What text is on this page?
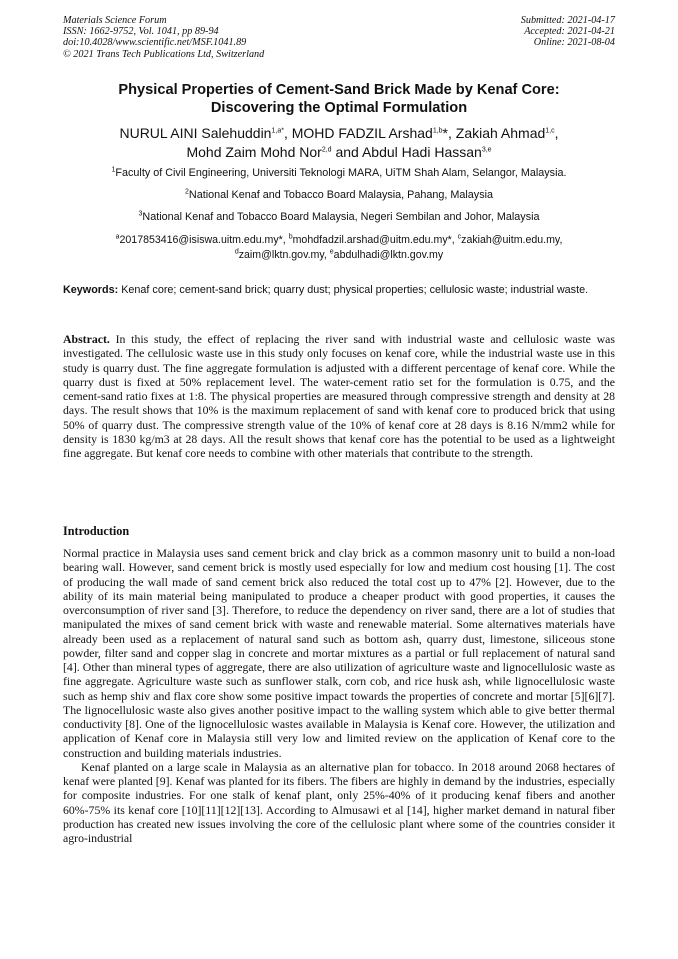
Materials Science Forum
ISSN: 1662-9752, Vol. 1041, pp 89-94
doi:10.4028/www.scientific.net/MSF.1041.89
© 2021 Trans Tech Publications Ltd, Switzerland
Submitted: 2021-04-17
Accepted: 2021-04-21
Online: 2021-08-04
Physical Properties of Cement-Sand Brick Made by Kenaf Core:
Discovering the Optimal Formulation
NURUL AINI Salehuddin$^{1,a*}$, MOHD FADZIL Arshad$^{1,b}$*, Zakiah Ahmad$^{1,c}$,
Mohd Zaim Mohd Nor$^{2,d}$ and Abdul Hadi Hassan$^{3,e}$
$^1$Faculty of Civil Engineering, Universiti Teknologi MARA, UiTM Shah Alam, Selangor, Malaysia.
$^2$National Kenaf and Tobacco Board Malaysia, Pahang, Malaysia
$^3$National Kenaf and Tobacco Board Malaysia, Negeri Sembilan and Johor, Malaysia
$^a$2017853416@isiswa.uitm.edu.my*, $^b$mohdfadzil.arshad@uitm.edu.my*, $^c$zakiah@uitm.edu.my,
$^d$zaim@lktn.gov.my, $^e$abdulhadi@lktn.gov.my
Keywords: Kenaf core; cement-sand brick; quarry dust; physical properties; cellulosic waste; industrial waste.
Abstract. In this study, the effect of replacing the river sand with industrial waste and cellulosic waste was investigated. The cellulosic waste use in this study only focuses on kenaf core, while the industrial waste use in this study is quarry dust. The fine aggregate formulation is adjusted with a different percentage of kenaf core. While the quarry dust is fixed at 50% replacement level. The water-cement ratio set for the formulation is 0.75, and the cement-sand ratio fixes at 1:8. The physical properties are measured through compressive strength and density at 28 days. The result shows that 10% is the maximum replacement of sand with kenaf core to produced brick that using 50% of quarry dust. The compressive strength value of the 10% of kenaf core at 28 days is 8.16 N/mm2 while for density is 1830 kg/m3 at 28 days. All the result shows that kenaf core has the potential to be used as a lightweight fine aggregate. But kenaf core needs to combine with other materials that contribute to the strength.
Introduction

Normal practice in Malaysia uses sand cement brick and clay brick as a common masonry unit to build a non-load bearing wall. However, sand cement brick is mostly used especially for low and medium cost housing [1]. The cost of producing the wall made of sand cement brick also reduced the total cost up to 47% [2]. However, due to the ability of its main material being manipulated to produce a cheaper product with good properties, it causes the overconsumption of river sand [3]. Therefore, to reduce the dependency on river sand, there are a lot of studies that manipulated the mixes of sand cement brick with waste and renewable material. Some alternatives materials have already been used as a replacement of natural sand such as bottom ash, quarry dust, limestone, siliceous stone powder, filter sand and copper slag in concrete and mortar mixtures as a partial or full replacement of natural sand [4]. Other than mineral types of aggregate, there are also utilization of agriculture waste and lignocellulosic waste as fine aggregate. Agriculture waste such as sunflower stalk, corn cob, and rice husk ash, while lignocellulosic waste such as hemp shiv and flax core show some positive impact towards the properties of concrete and mortar [5][6][7]. The lignocellulosic waste also gives another positive impact to the walling system which able to give better thermal conductivity [8]. One of the lignocellulosic wastes available in Malaysia is Kenaf core. However, the utilization and application of Kenaf core in Malaysia still very low and limited review on the application of Kenaf core to the construction and building materials industries.

Kenaf planted on a large scale in Malaysia as an alternative plan for tobacco. In 2018 around 2068 hectares of kenaf were planted [9]. Kenaf was planted for its fibers. The fibers are highly in demand by the industries, especially for composite industries. For one stalk of kenaf plant, only 25%-40% of it producing kenaf fibers and another 60%-75% its kenaf core [10][11][12][13]. According to Almusawi et al [14], higher market demand in natural fiber production has created new issues involving the core of the cellulosic plant where some of the countries consider it agro-industrial
